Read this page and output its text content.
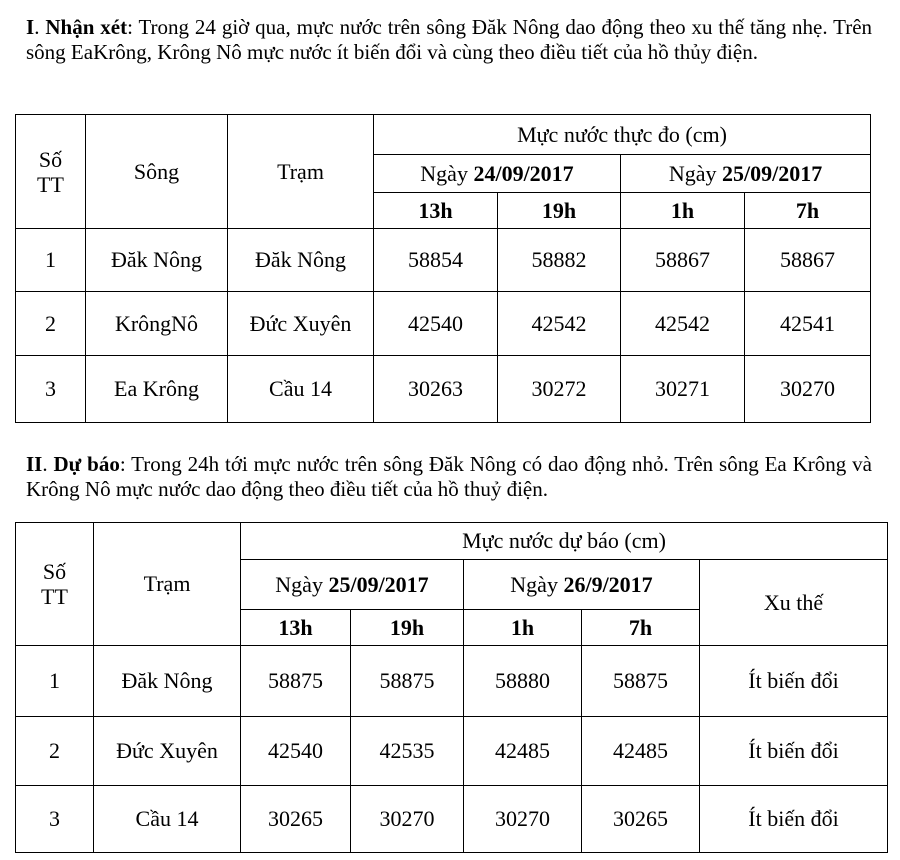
I. Nhận xét: Trong 24 giờ qua, mực nước trên sông Đăk Nông dao động theo xu thế tăng nhẹ. Trên sông EaKrông, Krông Nô mực nước ít biến đổi và cùng theo điều tiết của hồ thủy điện.
Số TT	Sông	Trạm	Mực nước thực đo (cm)			
			Ngày 24/09/2017		Ngày 25/09/2017	
			13h	19h	1h	7h
1	Đăk Nông	Đăk Nông	58854	58882	58867	58867
2	KrôngNô	Đức Xuyên	42540	42542	42542	42541
3	Ea Krông	Cầu 14	30263	30272	30271	30270
II. Dự báo: Trong 24h tới mực nước trên sông Đăk Nông có dao động nhỏ. Trên sông Ea Krông và Krông Nô mực nước dao động theo điều tiết của hồ thuỷ điện.
Số TT	Trạm	Mực nước dự báo (cm)				
		Ngày 25/09/2017		Ngày 26/9/2017		Xu thế
		13h	19h	1h	7h	
1	Đăk Nông	58875	58875	58880	58875	Ít biến đổi
2	Đức Xuyên	42540	42535	42485	42485	Ít biến đổi
3	Cầu 14	30265	30270	30270	30265	Ít biến đổi
